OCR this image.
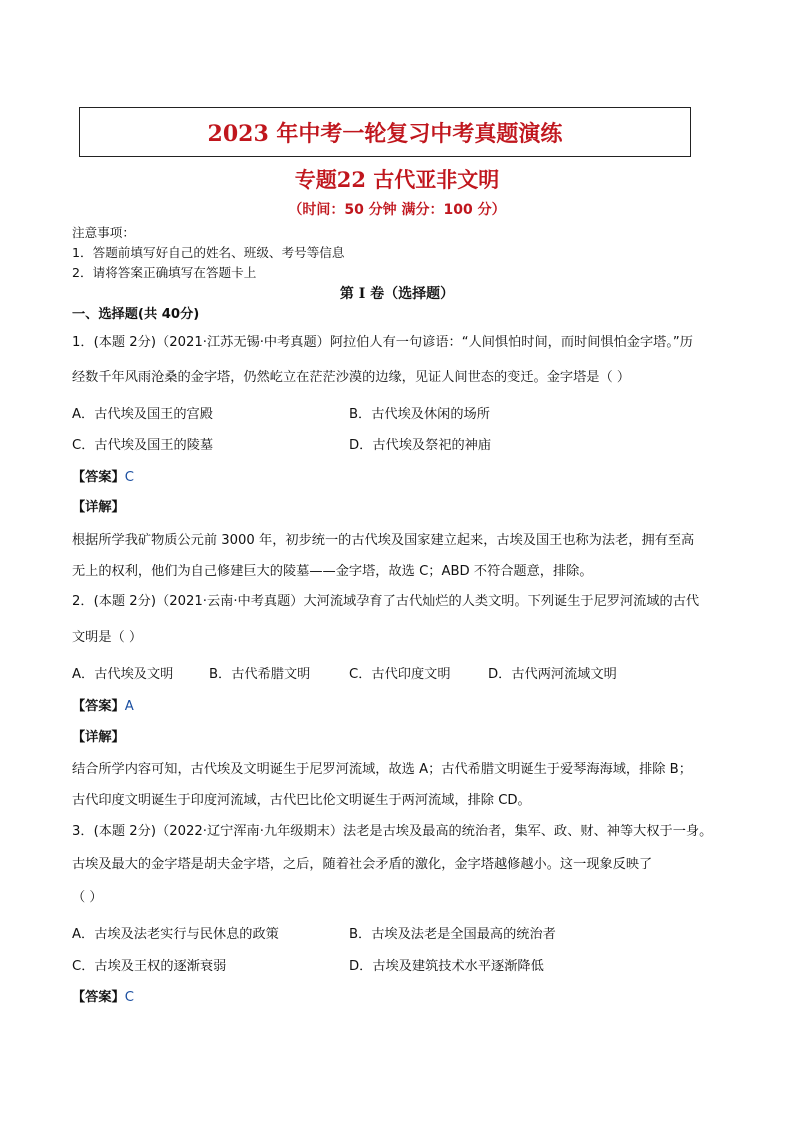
2023 年中考一轮复习中考真题演练
专题22 古代亚非文明
（时间：50 分钟 满分：100 分）
注意事项：
1．答题前填写好自己的姓名、班级、考号等信息
2．请将答案正确填写在答题卡上
第 I 卷（选择题）
一、选择题(共 40分)
1．(本题 2分)（2021·江苏无锡·中考真题）阿拉伯人有一句谚语：“人间惧怕时间，而时间惧怕金字塔。”历
经数千年风雨沧桑的金字塔，仍然屹立在茫茫沙漠的边缘，见证人间世态的变迁。金字塔是（ ）
A．古代埃及国王的宫殿	B．古代埃及休闲的场所
C．古代埃及国王的陵墓	D．古代埃及祭祀的神庙
【答案】C
【详解】
根据所学我矿物质公元前 3000 年，初步统一的古代埃及国家建立起来，古埃及国王也称为法老，拥有至高
无上的权利，他们为自己修建巨大的陵墓——金字塔，故选 C；ABD 不符合题意，排除。
2．(本题 2分)（2021·云南·中考真题）大河流域孕育了古代灿烂的人类文明。下列诞生于尼罗河流域的古代
文明是（ ）
A．古代埃及文明	B．古代希腊文明	C．古代印度文明	D．古代两河流域文明
【答案】A
【详解】
结合所学内容可知，古代埃及文明诞生于尼罗河流域，故选 A；古代希腊文明诞生于爱琴海海域，排除 B；
古代印度文明诞生于印度河流域，古代巴比伦文明诞生于两河流域，排除 CD。
3．(本题 2分)（2022·辽宁浑南·九年级期末）法老是古埃及最高的统治者，集军、政、财、神等大权于一身。
古埃及最大的金字塔是胡夫金字塔，之后，随着社会矛盾的激化，金字塔越修越小。这一现象反映了
（ ）
A．古埃及法老实行与民休息的政策	B．古埃及法老是全国最高的统治者
C．古埃及王权的逐渐衰弱	D．古埃及建筑技术水平逐渐降低
【答案】C
